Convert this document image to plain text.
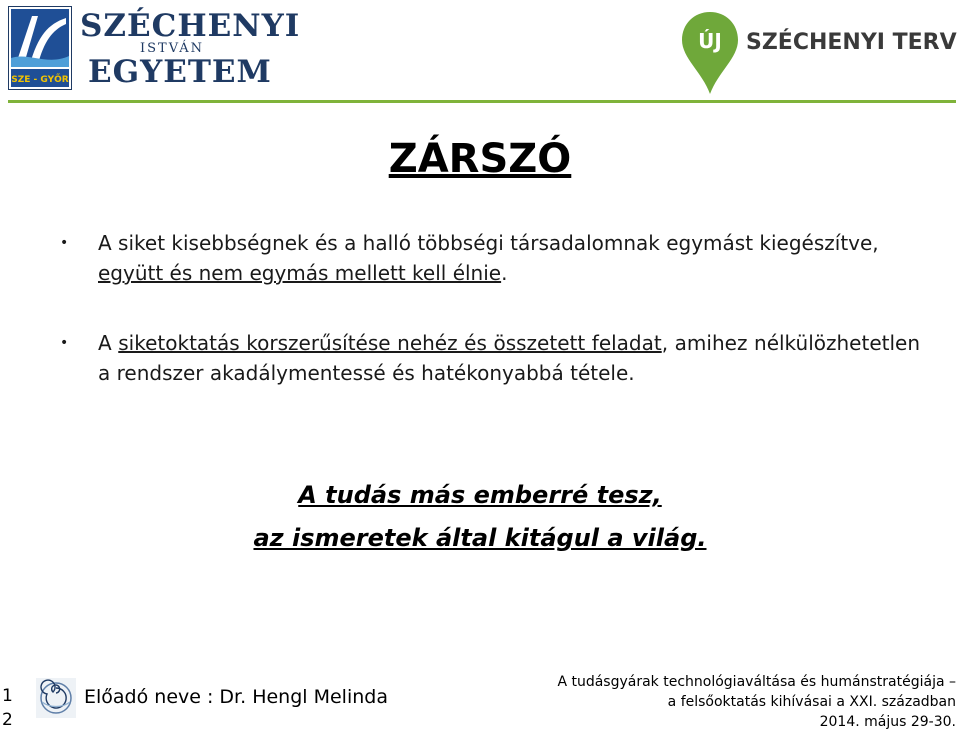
SZE - GYŐR
SZÉCHENYI
ISTVÁN
EGYETEM
ÚJ SZÉCHENYI TERV
ZÁRSZÓ
• A siket kisebbségnek és a halló többségi társadalomnak egymást kiegészítve, együtt és nem egymás mellett kell élnie.
• A siketoktatás korszerűsítése nehéz és összetett feladat, amihez nélkülözhetetlen a rendszer akadálymentessé és hatékonyabbá tétele.
A tudás más emberré tesz,
az ismeretek által kitágul a világ.
12
Előadó neve : Dr. Hengl Melinda
A tudásgyárak technológiaváltása és humánstratégiája –
a felsőoktatás kihívásai a XXI. században
2014. május 29-30.
